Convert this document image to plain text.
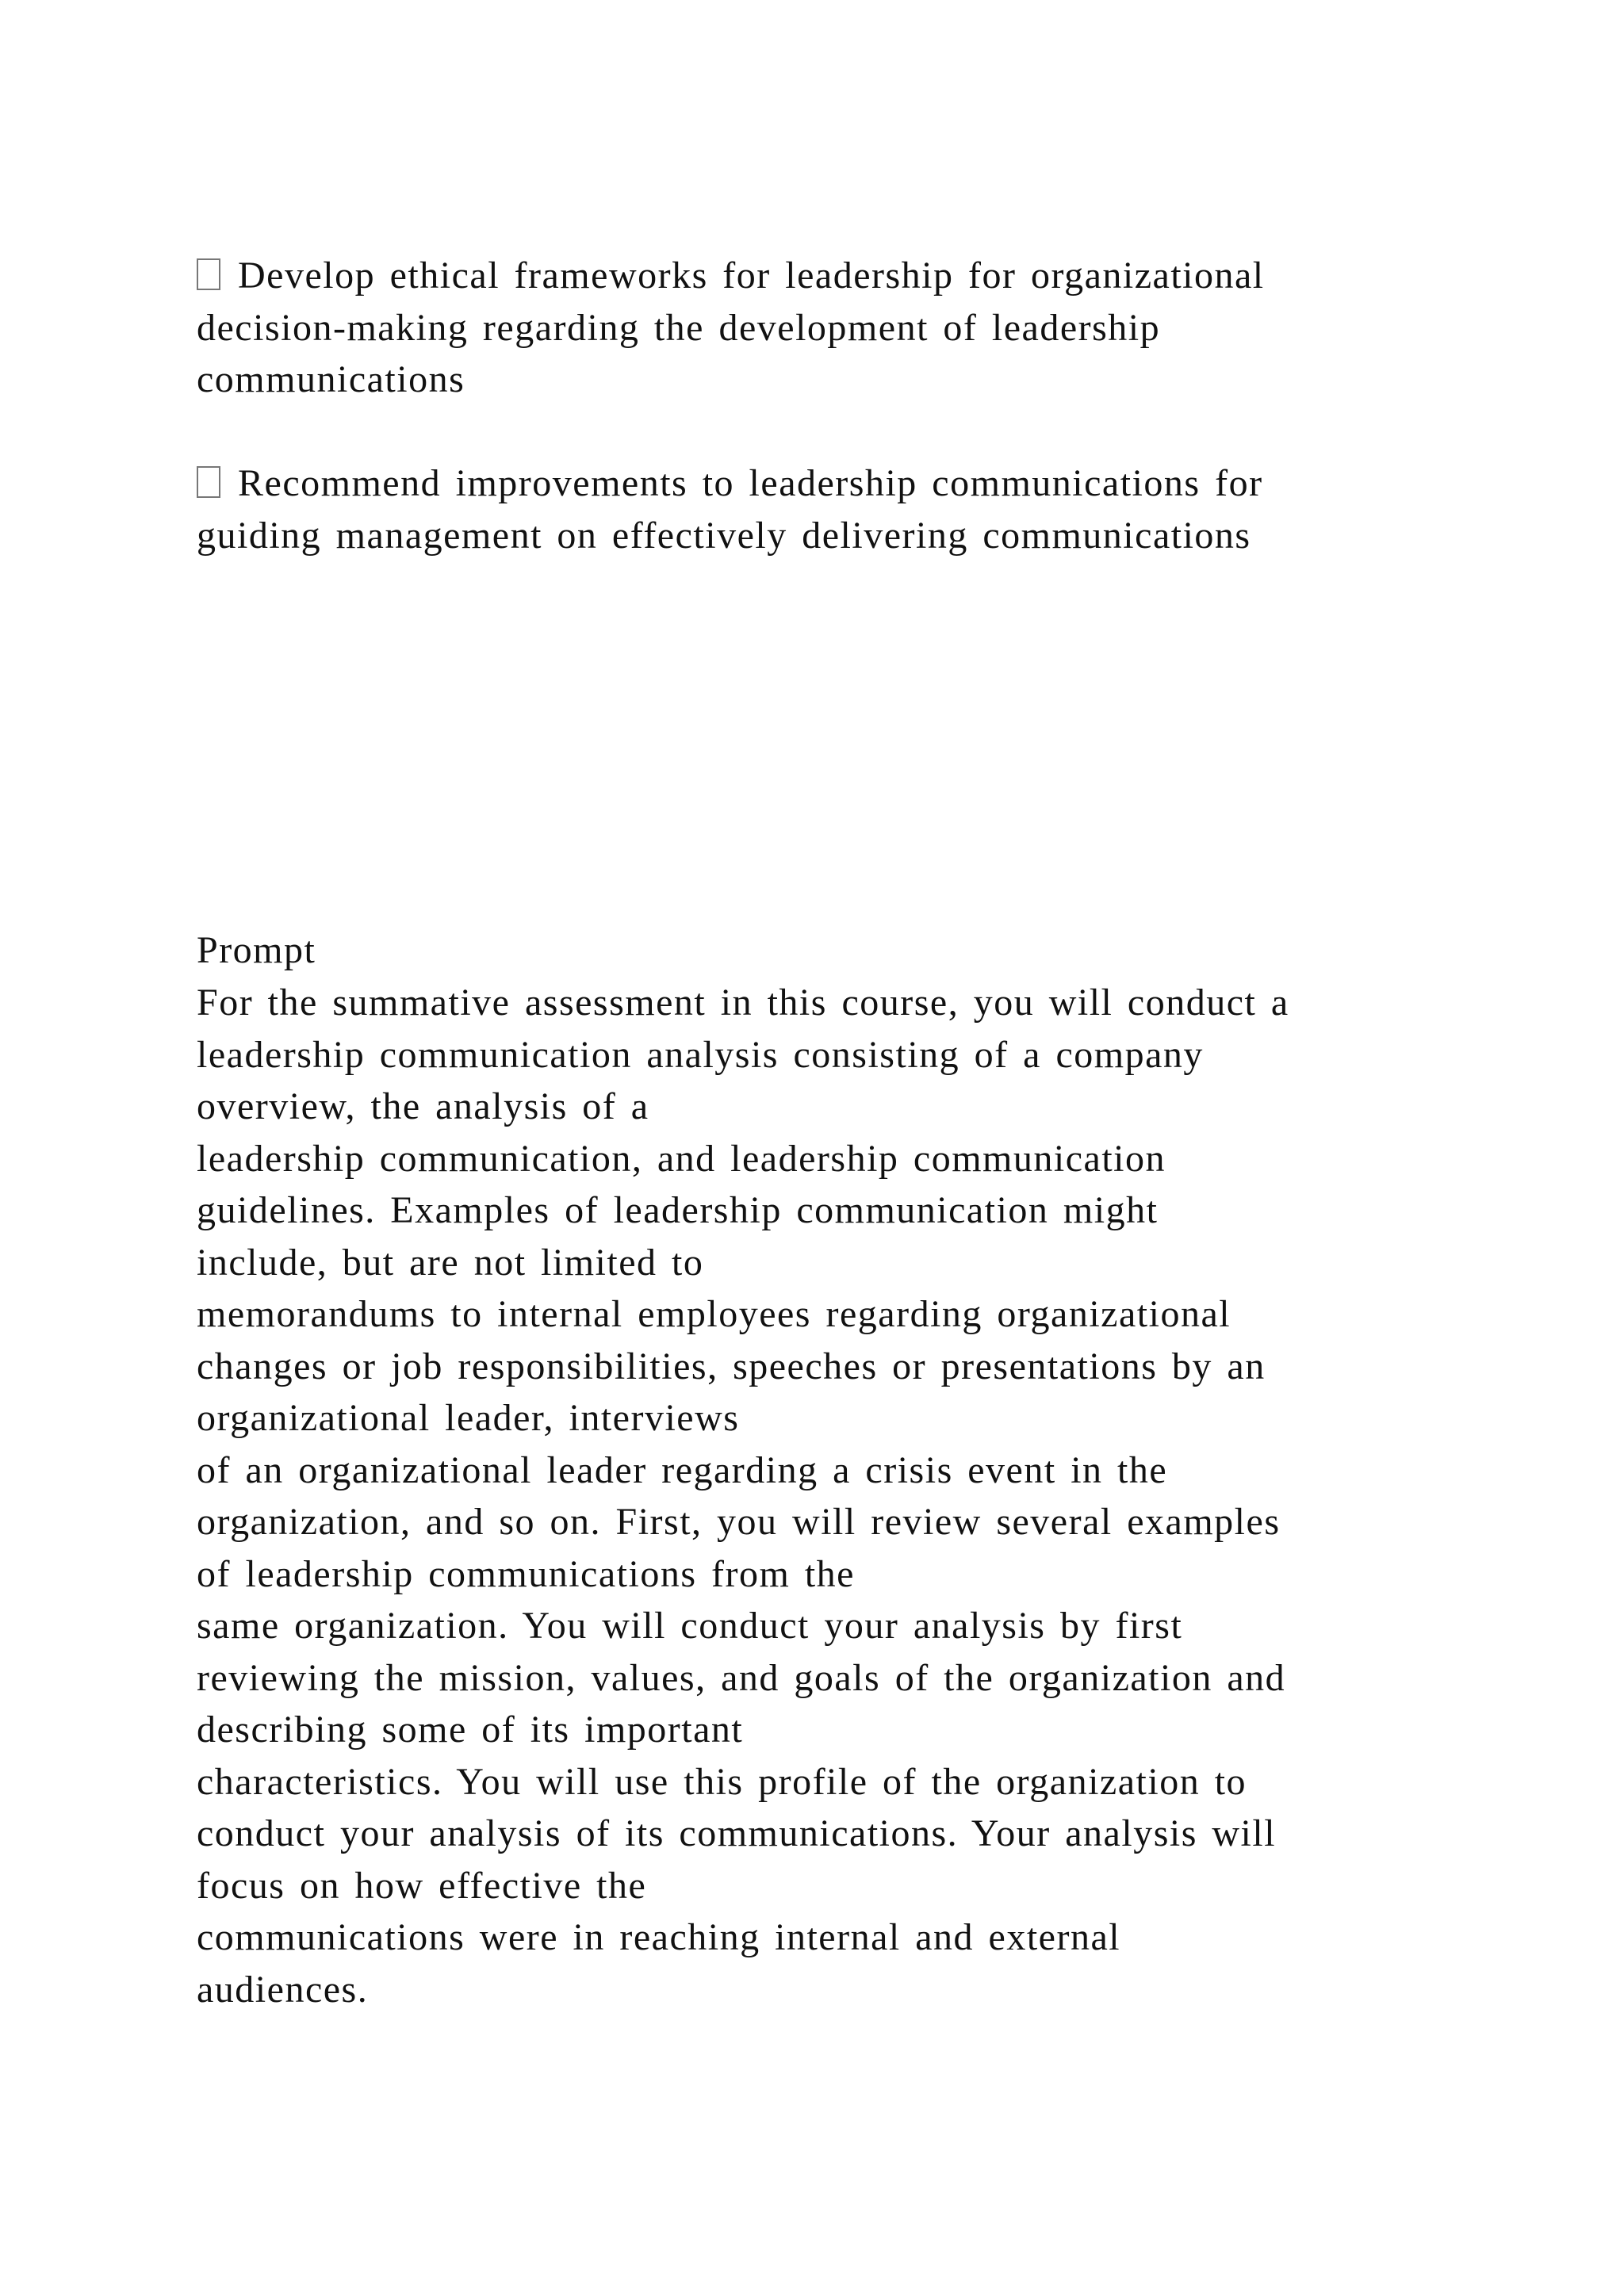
Develop ethical frameworks for leadership for organizational
decision-making regarding the development of leadership
communications
Recommend improvements to leadership communications for
guiding management on effectively delivering communications
Prompt
For the summative assessment in this course, you will conduct a
leadership communication analysis consisting of a company
overview, the analysis of a
leadership communication, and leadership communication
guidelines. Examples of leadership communication might
include, but are not limited to
memorandums to internal employees regarding organizational
changes or job responsibilities, speeches or presentations by an
organizational leader, interviews
of an organizational leader regarding a crisis event in the
organization, and so on. First, you will review several examples
of leadership communications from the
same organization. You will conduct your analysis by first
reviewing the mission, values, and goals of the organization and
describing some of its important
characteristics. You will use this profile of the organization to
conduct your analysis of its communications. Your analysis will
focus on how effective the
communications were in reaching internal and external
audiences.
